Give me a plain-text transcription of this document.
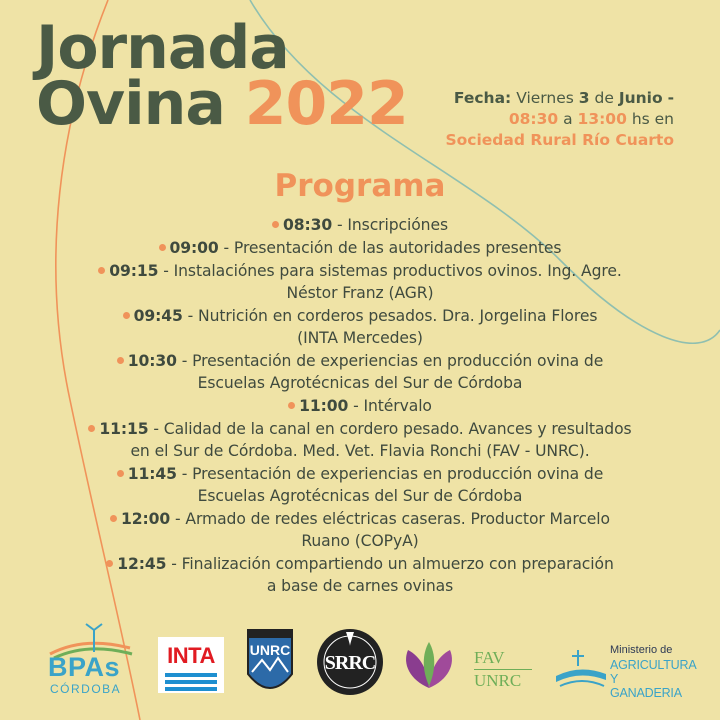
Jornada
Ovina 2022	Fecha: Viernes 3 de Junio -
08:30 a 13:00 hs en
Sociedad Rural Río Cuarto
Programa
08:30 - Inscripciónes
09:00 - Presentación de las autoridades presentes
09:15 - Instalaciónes para sistemas productivos ovinos. Ing. Agre.
Néstor Franz (AGR)
09:45 - Nutrición en corderos pesados. Dra. Jorgelina Flores
(INTA Mercedes)
10:30 - Presentación de experiencias en producción ovina de
Escuelas Agrotécnicas del Sur de Córdoba
11:00 - Intérvalo
11:15 - Calidad de la canal en cordero pesado. Avances y resultados
en el Sur de Córdoba. Med. Vet. Flavia Ronchi (FAV - UNRC).
11:45 - Presentación de experiencias en producción ovina de
Escuelas Agrotécnicas del Sur de Córdoba
12:00 - Armado de redes eléctricas caseras. Productor Marcelo
Ruano (COPyA)
12:45 - Finalización compartiendo un almuerzo con preparación
a base de carnes ovinas
BPAs
CÓRDOBA
INTA	UNRC
SRRC	FAV
UNRC
Ministerio de
AGRICULTURA
Y GANADERIA
